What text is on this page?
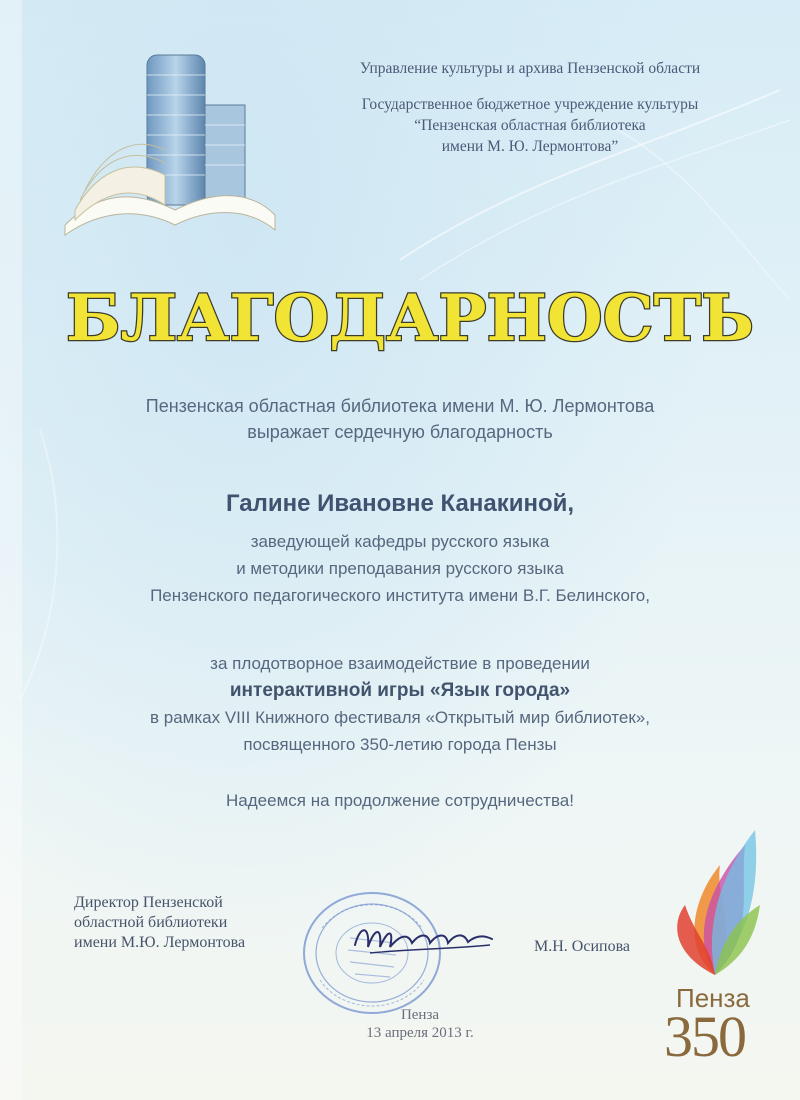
Управление культуры и архива Пензенской области
Государственное бюджетное учреждение культуры
“Пензенская областная библиотека
имени М. Ю. Лермонтова”
БЛАГОДАРНОСТЬ
Пензенская областная библиотека имени М. Ю. Лермонтова
выражает сердечную благодарность
Галине Ивановне Канакиной,
заведующей кафедры русского языка
и методики преподавания русского языка
Пензенского педагогического института имени В.Г. Белинского,
за плодотворное взаимодействие в проведении
интерактивной игры «Язык города»
в рамках VIII Книжного фестиваля «Открытый мир библиотек»,
посвященного 350-летию города Пензы
Надеемся на продолжение сотрудничества!
Директор Пензенской
областной библиотеки
имени М.Ю. Лермонтова	М.Н. Осипова
Пенза
13 апреля 2013 г.
Пенза
350
